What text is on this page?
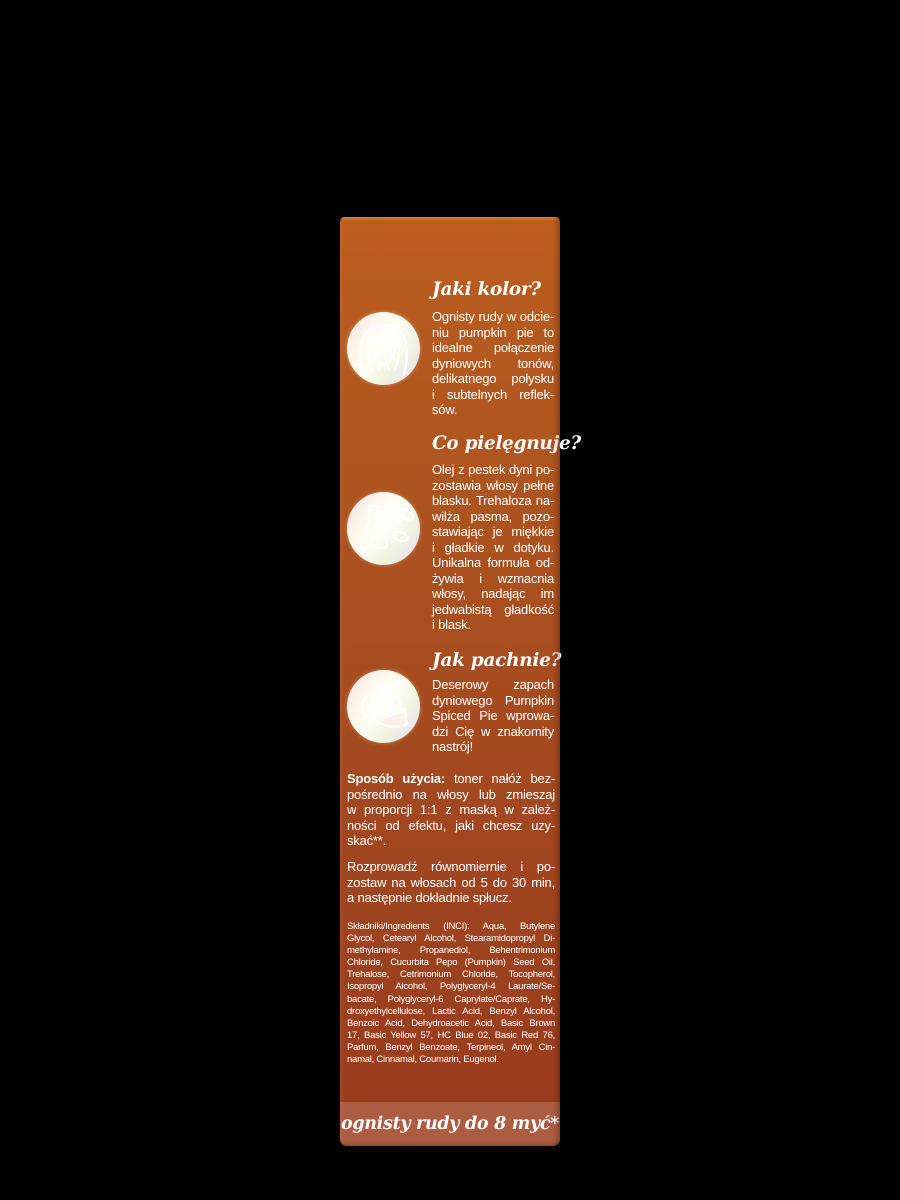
Jaki kolor?
Ognisty rudy w odcie-
niu pumpkin pie to
idealne połączenie
dyniowych tonów,
delikatnego połysku
i subtelnych reflek-
sów.
Co pielęgnuje?
Olej z pestek dyni po-
zostawia włosy pełne
blasku. Trehaloza na-
wilża pasma, pozo-
stawiając je miękkie
i gładkie w dotyku.
Unikalna formuła od-
żywia i wzmacnia
włosy, nadając im
jedwabistą gładkość
i blask.
Jak pachnie?
Deserowy zapach
dyniowego Pumpkin
Spiced Pie wprowa-
dzi Cię w znakomity
nastrój!
Sposób użycia: toner nałóż bez-
pośrednio na włosy lub zmieszaj
w proporcji 1:1 z maską w zależ-
ności od efektu, jaki chcesz uzy-
skać**.
Rozprowadź równomiernie i po-
zostaw na włosach od 5 do 30 min,
a następnie dokładnie spłucz.
Składniki/Ingredients (INCI): Aqua, Butylene
Glycol, Cetearyl Alcohol, Stearamidopropyl Di-
methylamine, Propanediol, Behentrimonium
Chloride, Cucurbita Pepo (Pumpkin) Seed Oil,
Trehalose, Cetrimonium Chloride, Tocopherol,
Isopropyl Alcohol, Polyglyceryl-4 Laurate/Se-
bacate, Polyglyceryl-6 Caprylate/Caprate, Hy-
droxyethylcellulose, Lactic Acid, Benzyl Alcohol,
Benzoic Acid, Dehydroacetic Acid, Basic Brown
17, Basic Yellow 57, HC Blue 02, Basic Red 76,
Parfum, Benzyl Benzoate, Terpineol, Amyl Cin-
namal, Cinnamal, Coumarin, Eugenol.
ognisty rudy do 8 myć*
